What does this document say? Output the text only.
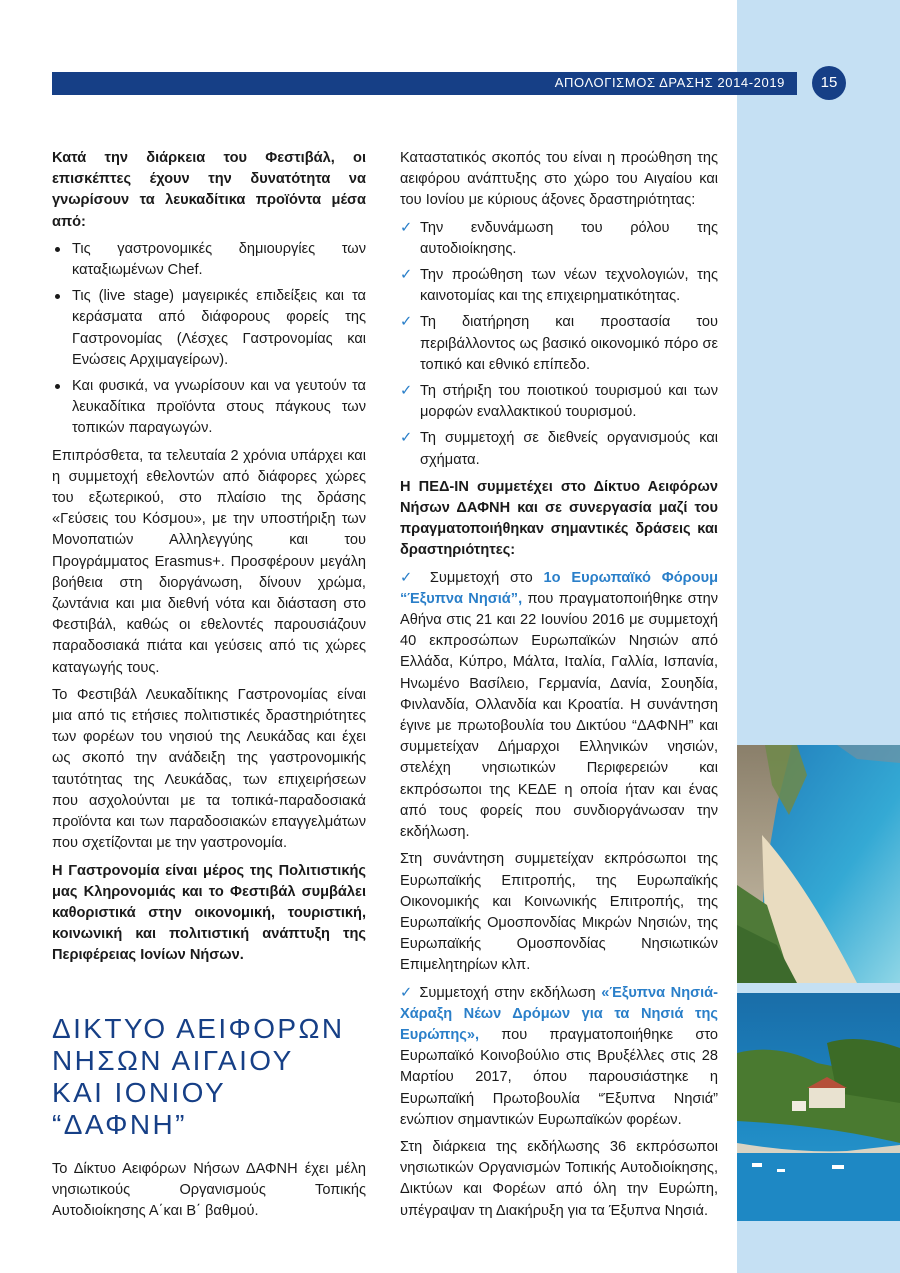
ΑΠΟΛΟΓΙΣΜΟΣ ΔΡΑΣΗΣ 2014-2019	15

Κατά την διάρκεια του Φεστιβάλ, οι επισκέπτες έχουν την δυνατότητα να γνωρίσουν τα λευκαδίτικα προϊόντα μέσα από:

Τις γαστρονομικές δημιουργίες των καταξιωμένων Chef.
Τις (live stage) μαγειρικές επιδείξεις και τα κεράσματα από διάφορους φορείς της Γαστρονομίας (Λέσχες Γαστρονομίας και Ενώσεις Αρχιμαγείρων).
Και φυσικά, να γνωρίσουν και να γευτούν τα λευκαδίτικα προϊόντα στους πάγκους των τοπικών παραγωγών.

Επιπρόσθετα, τα τελευταία 2 χρόνια υπάρχει και η συμμετοχή εθελοντών από διάφορες χώρες του εξωτερικού, στο πλαίσιο της δράσης «Γεύσεις του Κόσμου», με την υποστήριξη των Μονοπατιών Αλληλεγγύης και του Προγράμματος Erasmus+. Προσφέρουν μεγάλη βοήθεια στη διοργάνωση, δίνουν χρώμα, ζωντάνια και μια διεθνή νότα και διάσταση στο Φεστιβάλ, καθώς οι εθελοντές παρουσιάζουν παραδοσιακά πιάτα και γεύσεις από τις χώρες καταγωγής τους.

Το Φεστιβάλ Λευκαδίτικης Γαστρονομίας είναι μια από τις ετήσιες πολιτιστικές δραστηριότητες των φορέων του νησιού της Λευκάδας και έχει ως σκοπό την ανάδειξη της γαστρονομικής ταυτότητας της Λευκάδας, των επιχειρήσεων που ασχολούνται με τα τοπικά-παραδοσιακά προϊόντα και των παραδοσιακών επαγγελμάτων που σχετίζονται με την γαστρονομία.

Η Γαστρονομία είναι μέρος της Πολιτιστικής μας Κληρονομιάς και το Φεστιβάλ συμβάλει καθοριστικά στην οικονομική, τουριστική, κοινωνική και πολιτιστική ανάπτυξη της Περιφέρειας Ιονίων Νήσων.

ΔΙΚΤΥΟ ΑΕΙΦΟΡΩΝ
ΝΗΣΩΝ ΑΙΓΑΙΟΥ
ΚΑΙ ΙΟΝΙΟΥ
“ΔΑΦΝΗ”

Το Δίκτυο Αειφόρων Νήσων ΔΑΦΝΗ έχει μέλη νησιωτικούς Οργανισμούς Τοπικής Αυτοδιοίκησης Α΄και Β΄ βαθμού.

Καταστατικός σκοπός του είναι η προώθηση της αειφόρου ανάπτυξης στο χώρο του Αιγαίου και του Ιονίου με κύριους άξονες δραστηριότητας:

✓ Την ενδυνάμωση του ρόλου της αυτοδιοίκησης.
✓ Την προώθηση των νέων τεχνολογιών, της καινοτομίας και της επιχειρηματικότητας.
✓ Τη διατήρηση και προστασία του περιβάλλοντος ως βασικό οικονομικό πόρο σε τοπικό και εθνικό επίπεδο.
✓ Τη στήριξη του ποιοτικού τουρισμού και των μορφών εναλλακτικού τουρισμού.
✓ Τη συμμετοχή σε διεθνείς οργανισμούς και σχήματα.

Η ΠΕΔ-ΙΝ συμμετέχει στο Δίκτυο Αειφόρων Νήσων ΔΑΦΝΗ και σε συνεργασία μαζί του πραγματοποιήθηκαν σημαντικές δράσεις και δραστηριότητες:

✓ Συμμετοχή στο 1ο Ευρωπαϊκό Φόρουμ “Έξυπνα Νησιά”, που πραγματοποιήθηκε στην Αθήνα στις 21 και 22 Ιουνίου 2016 με συμμετοχή 40 εκπροσώπων Ευρωπαϊκών Νησιών από Ελλάδα, Κύπρο, Μάλτα, Ιταλία, Γαλλία, Ισπανία, Ηνωμένο Βασίλειο, Γερμανία, Δανία, Σουηδία, Φινλανδία, Ολλανδία και Κροατία. Η συνάντηση έγινε με πρωτοβουλία του Δικτύου “ΔΑΦΝΗ” και συμμετείχαν Δήμαρχοι Ελληνικών νησιών, στελέχη νησιωτικών Περιφερειών και εκπρόσωποι της ΚΕΔΕ η οποία ήταν και ένας από τους φορείς που συνδιοργάνωσαν την εκδήλωση.

Στη συνάντηση συμμετείχαν εκπρόσωποι της Ευρωπαϊκής Επιτροπής, της Ευρωπαϊκής Οικονομικής και Κοινωνικής Επιτροπής, της Ευρωπαϊκής Ομοσπονδίας Μικρών Νησιών, της Ευρωπαϊκής Ομοσπονδίας Νησιωτικών Επιμελητηρίων κλπ.

✓ Συμμετοχή στην εκδήλωση «Έξυπνα Νησιά-Χάραξη Νέων Δρόμων για τα Νησιά της Ευρώπης», που πραγματοποιήθηκε στο Ευρωπαϊκό Κοινοβούλιο στις Βρυξέλλες στις 28 Μαρτίου 2017, όπου παρουσιάστηκε η Ευρωπαϊκή Πρωτοβουλία “Έξυπνα Νησιά” ενώπιον σημαντικών Ευρωπαϊκών φορέων.

Στη διάρκεια της εκδήλωσης 36 εκπρόσωποι νησιωτικών Οργανισμών Τοπικής Αυτοδιοίκησης, Δικτύων και Φορέων από όλη την Ευρώπη, υπέγραψαν τη Διακήρυξη για τα Έξυπνα Νησιά.
